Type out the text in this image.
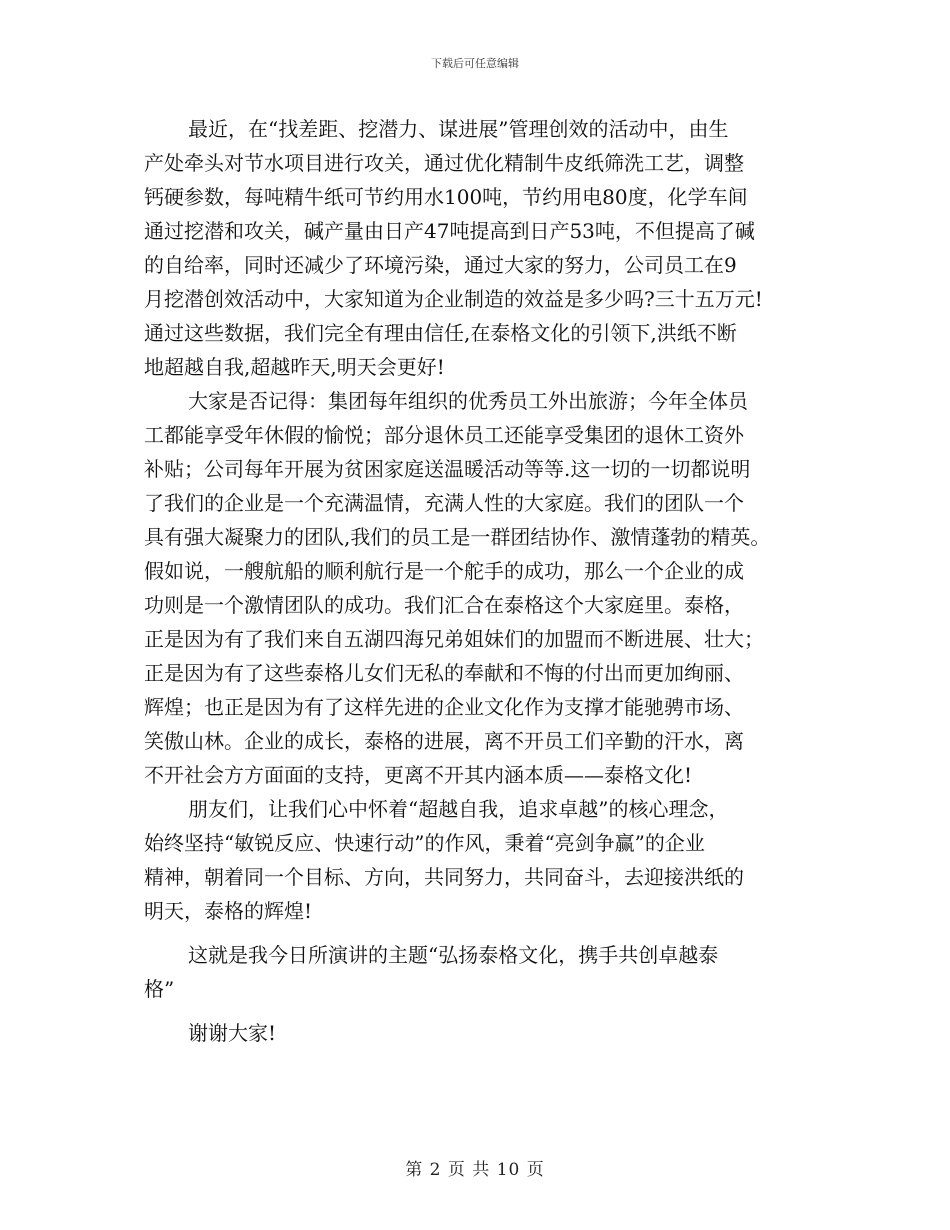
下载后可任意编辑
最近，在“找差距、挖潜力、谋进展”管理创效的活动中，由生
产处牵头对节水项目进行攻关，通过优化精制牛皮纸筛洗工艺，调整
钙硬参数，每吨精牛纸可节约用水100吨，节约用电80度，化学车间
通过挖潜和攻关，碱产量由日产47吨提高到日产53吨，不但提高了碱
的自给率，同时还减少了环境污染，通过大家的努力，公司员工在9
月挖潜创效活动中，大家知道为企业制造的效益是多少吗?三十五万元!
通过这些数据，我们完全有理由信任,在泰格文化的引领下,洪纸不断
地超越自我,超越昨天,明天会更好!
大家是否记得：集团每年组织的优秀员工外出旅游；今年全体员
工都能享受年休假的愉悦；部分退休员工还能享受集团的退休工资外
补贴；公司每年开展为贫困家庭送温暖活动等等.这一切的一切都说明
了我们的企业是一个充满温情，充满人性的大家庭。我们的团队一个
具有强大凝聚力的团队,我们的员工是一群团结协作、激情蓬勃的精英。
假如说，一艘航船的顺利航行是一个舵手的成功，那么一个企业的成
功则是一个激情团队的成功。我们汇合在泰格这个大家庭里。泰格，
正是因为有了我们来自五湖四海兄弟姐妹们的加盟而不断进展、壮大；
正是因为有了这些泰格儿女们无私的奉献和不悔的付出而更加绚丽、
辉煌；也正是因为有了这样先进的企业文化作为支撑才能驰骋市场、
笑傲山林。企业的成长，泰格的进展，离不开员工们辛勤的汗水，离
不开社会方方面面的支持，更离不开其内涵本质——泰格文化!
朋友们，让我们心中怀着“超越自我，追求卓越”的核心理念，
始终坚持“敏锐反应、快速行动”的作风，秉着“亮剑争赢”的企业
精神，朝着同一个目标、方向，共同努力，共同奋斗，去迎接洪纸的
明天，泰格的辉煌!
这就是我今日所演讲的主题“弘扬泰格文化，携手共创卓越泰
格”
谢谢大家!
第 2 页 共 10 页
